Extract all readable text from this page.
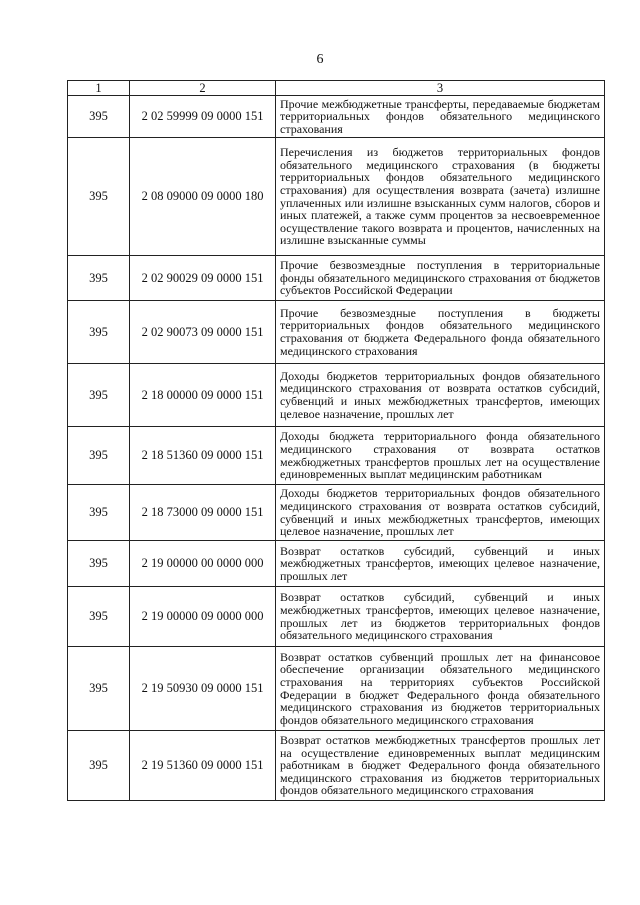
6
1	2	3
395	2 02 59999 09 0000 151	Прочие межбюджетные трансферты, передаваемые бюджетам территориальных фондов обязательного медицинского страхования
395	2 08 09000 09 0000 180	Перечисления из бюджетов территориальных фондов обязательного медицинского страхования (в бюджеты территориальных фондов обязательного медицинского страхования) для осуществления возврата (зачета) излишне уплаченных или излишне взысканных сумм налогов, сборов и иных платежей, а также сумм процентов за несвоевременное осуществление такого возврата и процентов, начисленных на излишне взысканные суммы
395	2 02 90029 09 0000 151	Прочие безвозмездные поступления в территориальные фонды обязательного медицинского страхования от бюджетов субъектов Российской Федерации
395	2 02 90073 09 0000 151	Прочие безвозмездные поступления в бюджеты территориальных фондов обязательного медицинского страхования от бюджета Федерального фонда обязательного медицинского страхования
395	2 18 00000 09 0000 151	Доходы бюджетов территориальных фондов обязательного медицинского страхования от возврата остатков субсидий, субвенций и иных межбюджетных трансфертов, имеющих целевое назначение, прошлых лет
395	2 18 51360 09 0000 151	Доходы бюджета территориального фонда обязательного медицинского страхования от возврата остатков межбюджетных трансфертов прошлых лет на осуществление единовременных выплат медицинским работникам
395	2 18 73000 09 0000 151	Доходы бюджетов территориальных фондов обязательного медицинского страхования от возврата остатков субсидий, субвенций и иных межбюджетных трансфертов, имеющих целевое назначение, прошлых лет
395	2 19 00000 00 0000 000	Возврат остатков субсидий, субвенций и иных межбюджетных трансфертов, имеющих целевое назначение, прошлых лет
395	2 19 00000 09 0000 000	Возврат остатков субсидий, субвенций и иных межбюджетных трансфертов, имеющих целевое назначение, прошлых лет из бюджетов территориальных фондов обязательного медицинского страхования
395	2 19 50930 09 0000 151	Возврат остатков субвенций прошлых лет на финансовое обеспечение организации обязательного медицинского страхования на территориях субъектов Российской Федерации в бюджет Федерального фонда обязательного медицинского страхования из бюджетов территориальных фондов обязательного медицинского страхования
395	2 19 51360 09 0000 151	Возврат остатков межбюджетных трансфертов прошлых лет на осуществление единовременных выплат медицинским работникам в бюджет Федерального фонда обязательного медицинского страхования из бюджетов территориальных фондов обязательного медицинского страхования
